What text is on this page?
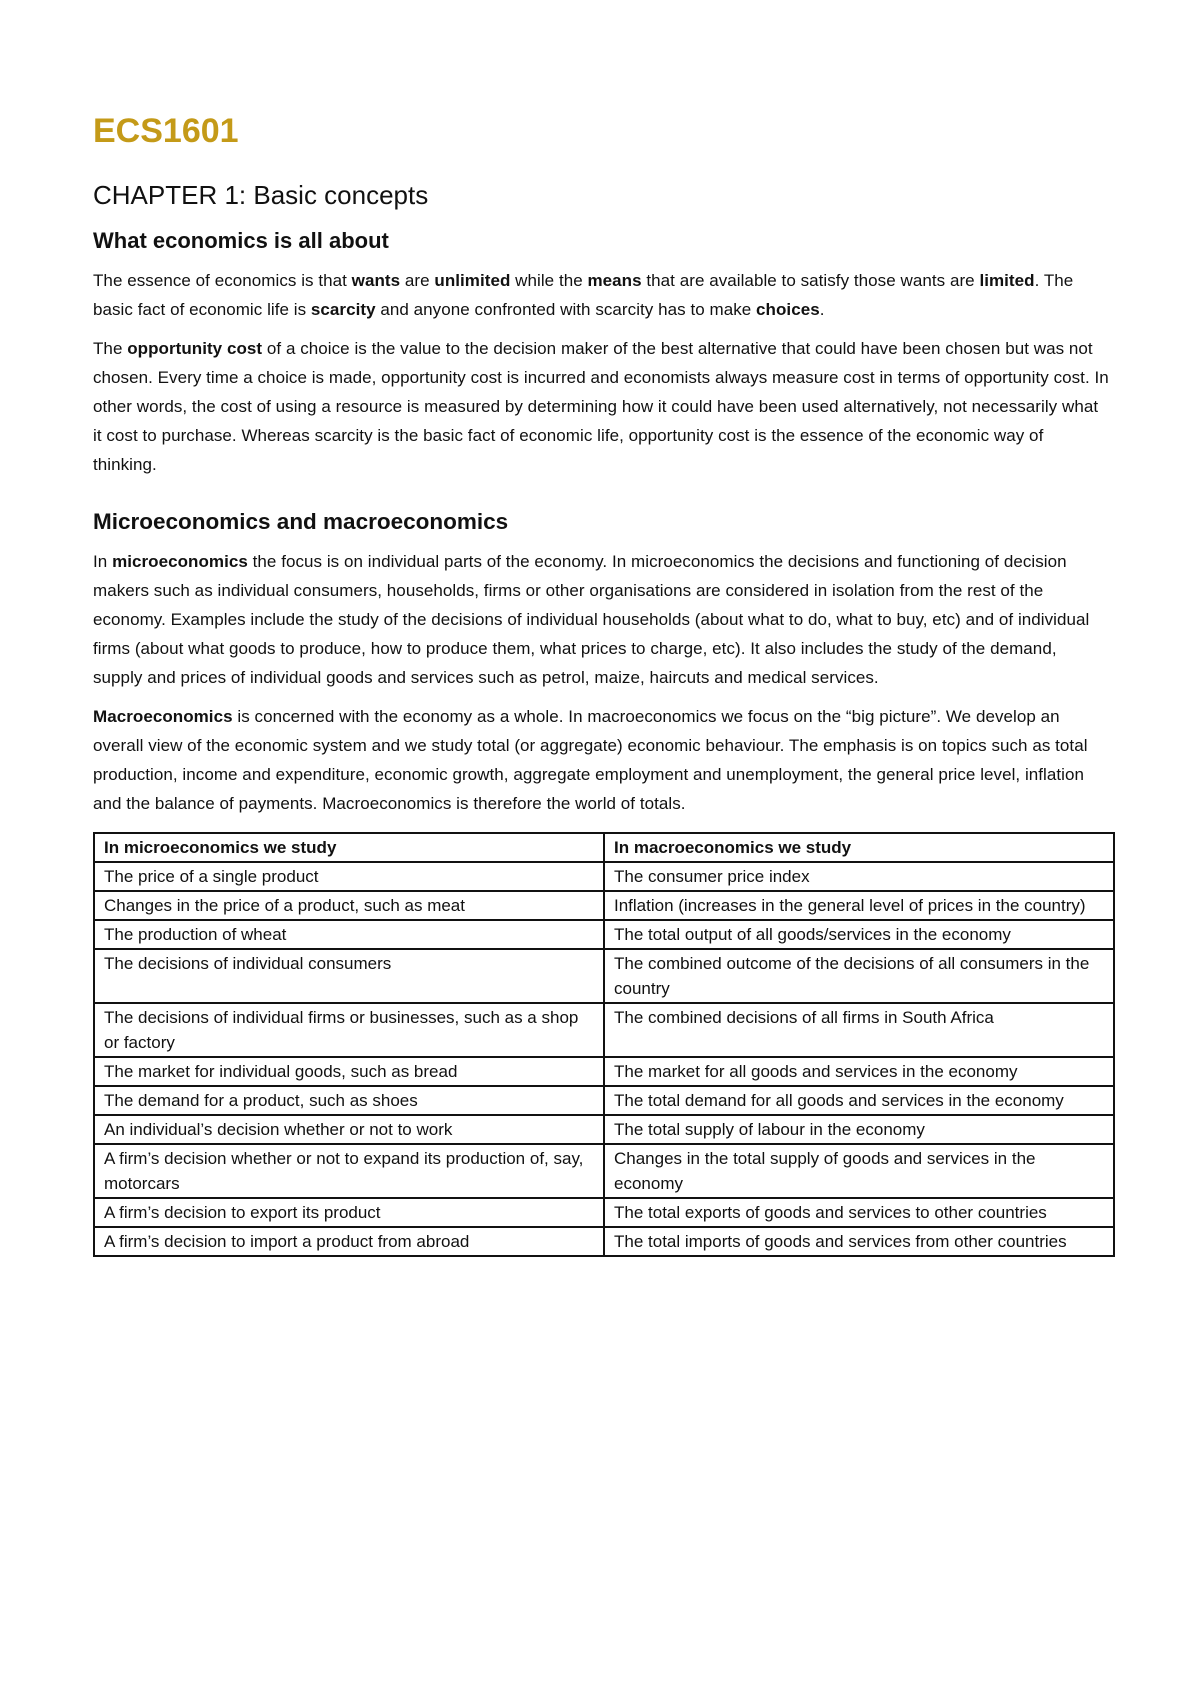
ECS1601
CHAPTER 1: Basic concepts
What economics is all about

The essence of economics is that wants are unlimited while the means that are available to satisfy those wants are limited. The basic fact of economic life is scarcity and anyone confronted with scarcity has to make choices.

The opportunity cost of a choice is the value to the decision maker of the best alternative that could have been chosen but was not chosen. Every time a choice is made, opportunity cost is incurred and economists always measure cost in terms of opportunity cost. In other words, the cost of using a resource is measured by determining how it could have been used alternatively, not necessarily what it cost to purchase. Whereas scarcity is the basic fact of economic life, opportunity cost is the essence of the economic way of thinking.

Microeconomics and macroeconomics

In microeconomics the focus is on individual parts of the economy. In microeconomics the decisions and functioning of decision makers such as individual consumers, households, firms or other organisations are considered in isolation from the rest of the economy. Examples include the study of the decisions of individual households (about what to do, what to buy, etc) and of individual firms (about what goods to produce, how to produce them, what prices to charge, etc). It also includes the study of the demand, supply and prices of individual goods and services such as petrol, maize, haircuts and medical services.

Macroeconomics is concerned with the economy as a whole. In macroeconomics we focus on the “big picture”. We develop an overall view of the economic system and we study total (or aggregate) economic behaviour. The emphasis is on topics such as total production, income and expenditure, economic growth, aggregate employment and unemployment, the general price level, inflation and the balance of payments. Macroeconomics is therefore the world of totals.

In microeconomics we study	In macroeconomics we study
The price of a single product	The consumer price index
Changes in the price of a product, such as meat	Inflation (increases in the general level of prices in the country)
The production of wheat	The total output of all goods/services in the economy
The decisions of individual consumers	The combined outcome of the decisions of all consumers in the country
The decisions of individual firms or businesses, such as a shop or factory	The combined decisions of all firms in South Africa
The market for individual goods, such as bread	The market for all goods and services in the economy
The demand for a product, such as shoes	The total demand for all goods and services in the economy
An individual’s decision whether or not to work	The total supply of labour in the economy
A firm’s decision whether or not to expand its production of, say, motorcars	Changes in the total supply of goods and services in the economy
A firm’s decision to export its product	The total exports of goods and services to other countries
A firm’s decision to import a product from abroad	The total imports of goods and services from other countries
